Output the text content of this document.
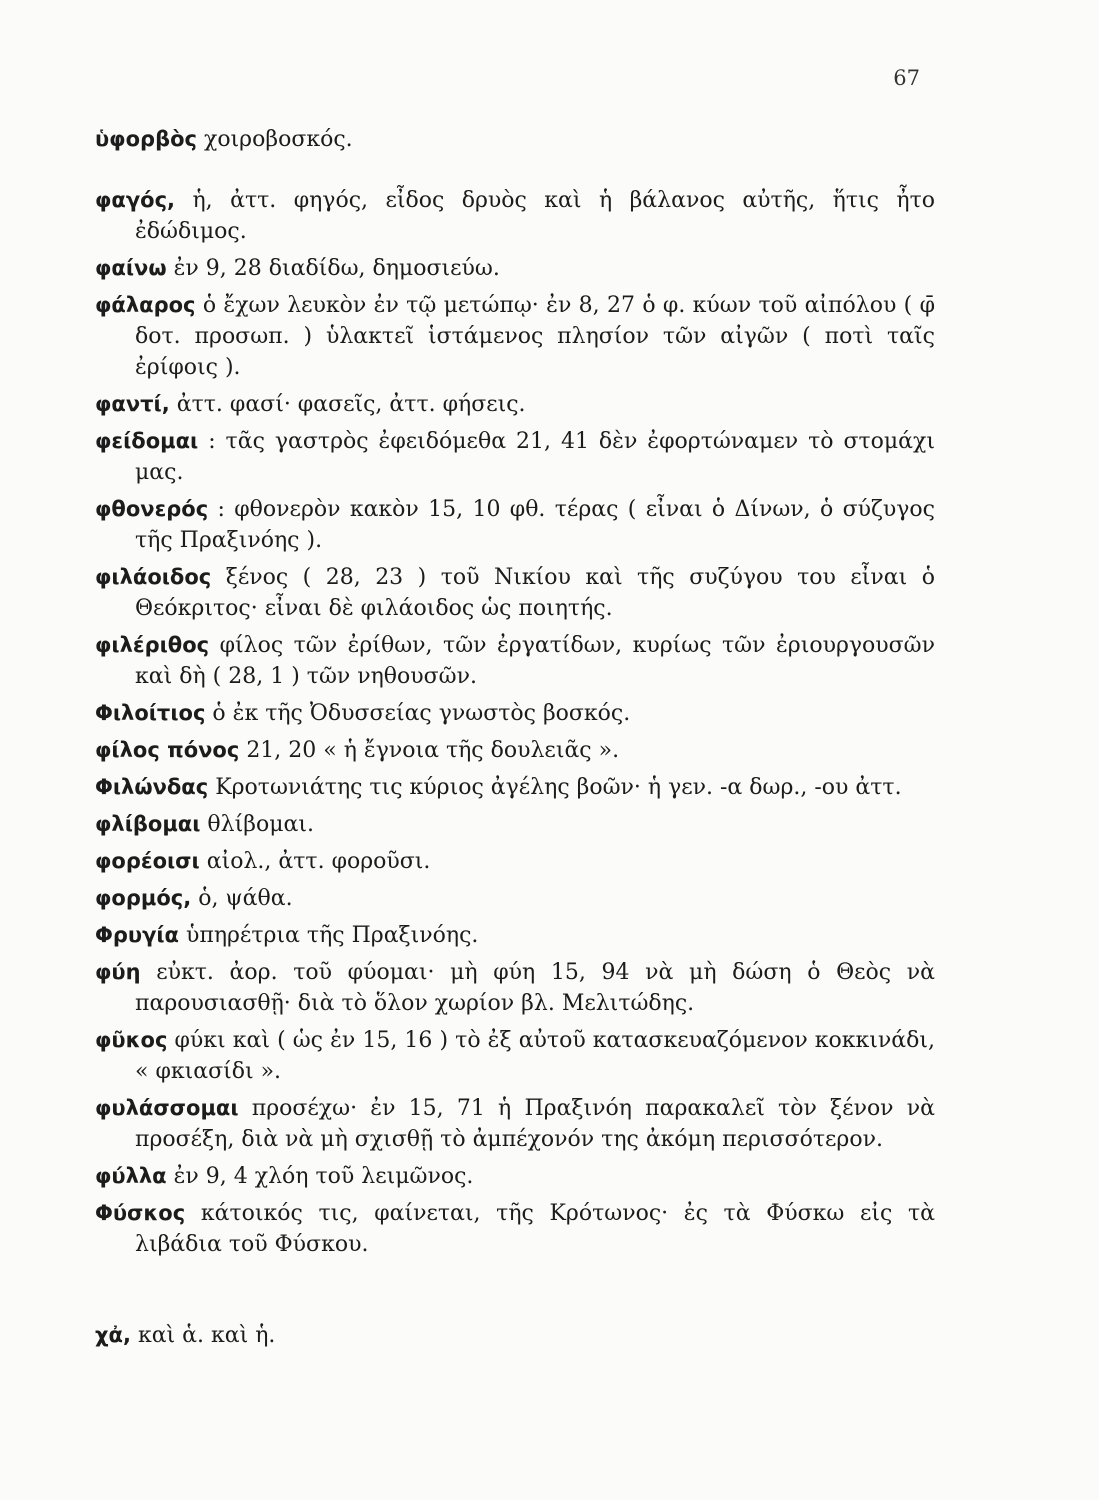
67

ὑφορβὸς χοιροβοσκός.

φαγός, ἡ, ἀττ. φηγός, εἶδος δρυὸς καὶ ἡ βάλανος αὐτῆς, ἥτις ἦτο ἐδώδιμος.

φαίνω ἐν 9, 28 διαδίδω, δημοσιεύω.

φάλαρος ὁ ἔχων λευκὸν ἐν τῷ μετώπῳ· ἐν 8, 27 ὁ φ. κύων τοῦ αἰπόλου ( φ̄ δοτ. προσωπ. ) ὑλακτεῖ ἱστάμενος πλησίον τῶν αἰγῶν ( ποτὶ ταῖς ἐρίφοις ).

φαντί, ἀττ. φασί· φασεῖς, ἀττ. φήσεις.

φείδομαι : τᾶς γαστρὸς ἐφειδόμεθα 21, 41 δὲν ἐφορτώναμεν τὸ στομάχι μας.

φθονερός : φθονερὸν κακὸν 15, 10 φθ. τέρας ( εἶναι ὁ Δίνων, ὁ σύζυγος τῆς Πραξινόης ).

φιλάοιδος ξένος ( 28, 23 ) τοῦ Νικίου καὶ τῆς συζύγου του εἶναι ὁ Θεόκριτος· εἶναι δὲ φιλάοιδος ὡς ποιητής.

φιλέριθος φίλος τῶν ἐρίθων, τῶν ἐργατίδων, κυρίως τῶν ἐριουργουσῶν καὶ δὴ ( 28, 1 ) τῶν νηθουσῶν.

Φιλοίτιος ὁ ἐκ τῆς Ὀδυσσείας γνωστὸς βοσκός.

φίλος πόνος 21, 20 « ἡ ἔγνοια τῆς δουλειᾶς ».

Φιλώνδας Κροτωνιάτης τις κύριος ἀγέλης βοῶν· ἡ γεν. -α δωρ., -ου ἀττ.

φλίβομαι θλίβομαι.

φορέοισι αἰολ., ἀττ. φοροῦσι.

φορμός, ὁ, ψάθα.

Φρυγία ὑπηρέτρια τῆς Πραξινόης.

φύη εὐκτ. ἀορ. τοῦ φύομαι· μὴ φύη 15, 94 νὰ μὴ δώση ὁ Θεὸς νὰ παρουσιασθῇ· διὰ τὸ ὅλον χωρίον βλ. Μελιτώδης.

φῦκος φύκι καὶ ( ὡς ἐν 15, 16 ) τὸ ἐξ αὐτοῦ κατασκευαζόμενον κοκκινάδι, « φκιασίδι ».

φυλάσσομαι προσέχω· ἐν 15, 71 ἡ Πραξινόη παρακαλεῖ τὸν ξένον νὰ προσέξη, διὰ νὰ μὴ σχισθῇ τὸ ἀμπέχονόν της ἀκόμη περισσότερον.

φύλλα ἐν 9, 4 χλόη τοῦ λειμῶνος.

Φύσκος κάτοικός τις, φαίνεται, τῆς Κρότωνος· ἐς τὰ Φύσκω εἰς τὰ λιβάδια τοῦ Φύσκου.

χἀ, καὶ ἁ. καὶ ἡ.
